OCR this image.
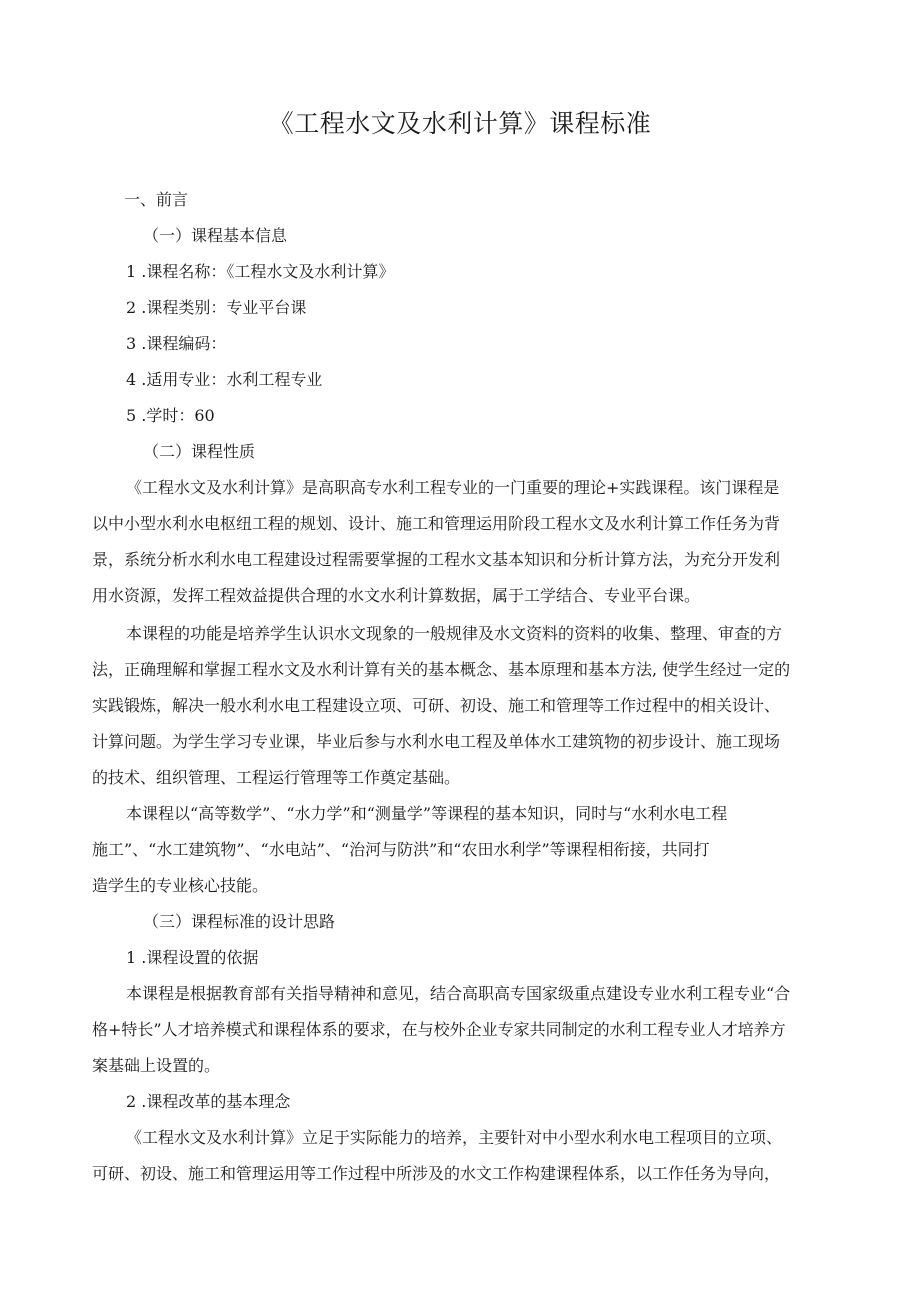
《工程水文及水利计算》课程标准
一、前言
（一）课程基本信息
1 .课程名称：《工程水文及水利计算》
2 .课程类别：专业平台课
3 .课程编码：
4 .适用专业：水利工程专业
5 .学时：60
（二）课程性质
《工程水文及水利计算》是高职高专水利工程专业的一门重要的理论+实践课程。该门课程是
以中小型水利水电枢纽工程的规划、设计、施工和管理运用阶段工程水文及水利计算工作任务为背
景，系统分析水利水电工程建设过程需要掌握的工程水文基本知识和分析计算方法，为充分开发利
用水资源，发挥工程效益提供合理的水文水利计算数据，属于工学结合、专业平台课。
本课程的功能是培养学生认识水文现象的一般规律及水文资料的资料的收集、整理、审查的方
法，正确理解和掌握工程水文及水利计算有关的基本概念、基本原理和基本方法, 使学生经过一定的
实践锻炼，解决一般水利水电工程建设立项、可研、初设、施工和管理等工作过程中的相关设计、
计算问题。为学生学习专业课，毕业后参与水利水电工程及单体水工建筑物的初步设计、施工现场
的技术、组织管理、工程运行管理等工作奠定基础。
本课程以“高等数学”、“水力学”和“测量学”等课程的基本知识，同时与“水利水电工程
施工”、“水工建筑物”、“水电站”、“治河与防洪”和“农田水利学”等课程相衔接，共同打
造学生的专业核心技能。
（三）课程标准的设计思路
1 .课程设置的依据
本课程是根据教育部有关指导精神和意见，结合高职高专国家级重点建设专业水利工程专业“合
格+特长”人才培养模式和课程体系的要求，在与校外企业专家共同制定的水利工程专业人才培养方
案基础上设置的。
2 .课程改革的基本理念
《工程水文及水利计算》立足于实际能力的培养，主要针对中小型水利水电工程项目的立项、
可研、初设、施工和管理运用等工作过程中所涉及的水文工作构建课程体系，以工作任务为导向，
